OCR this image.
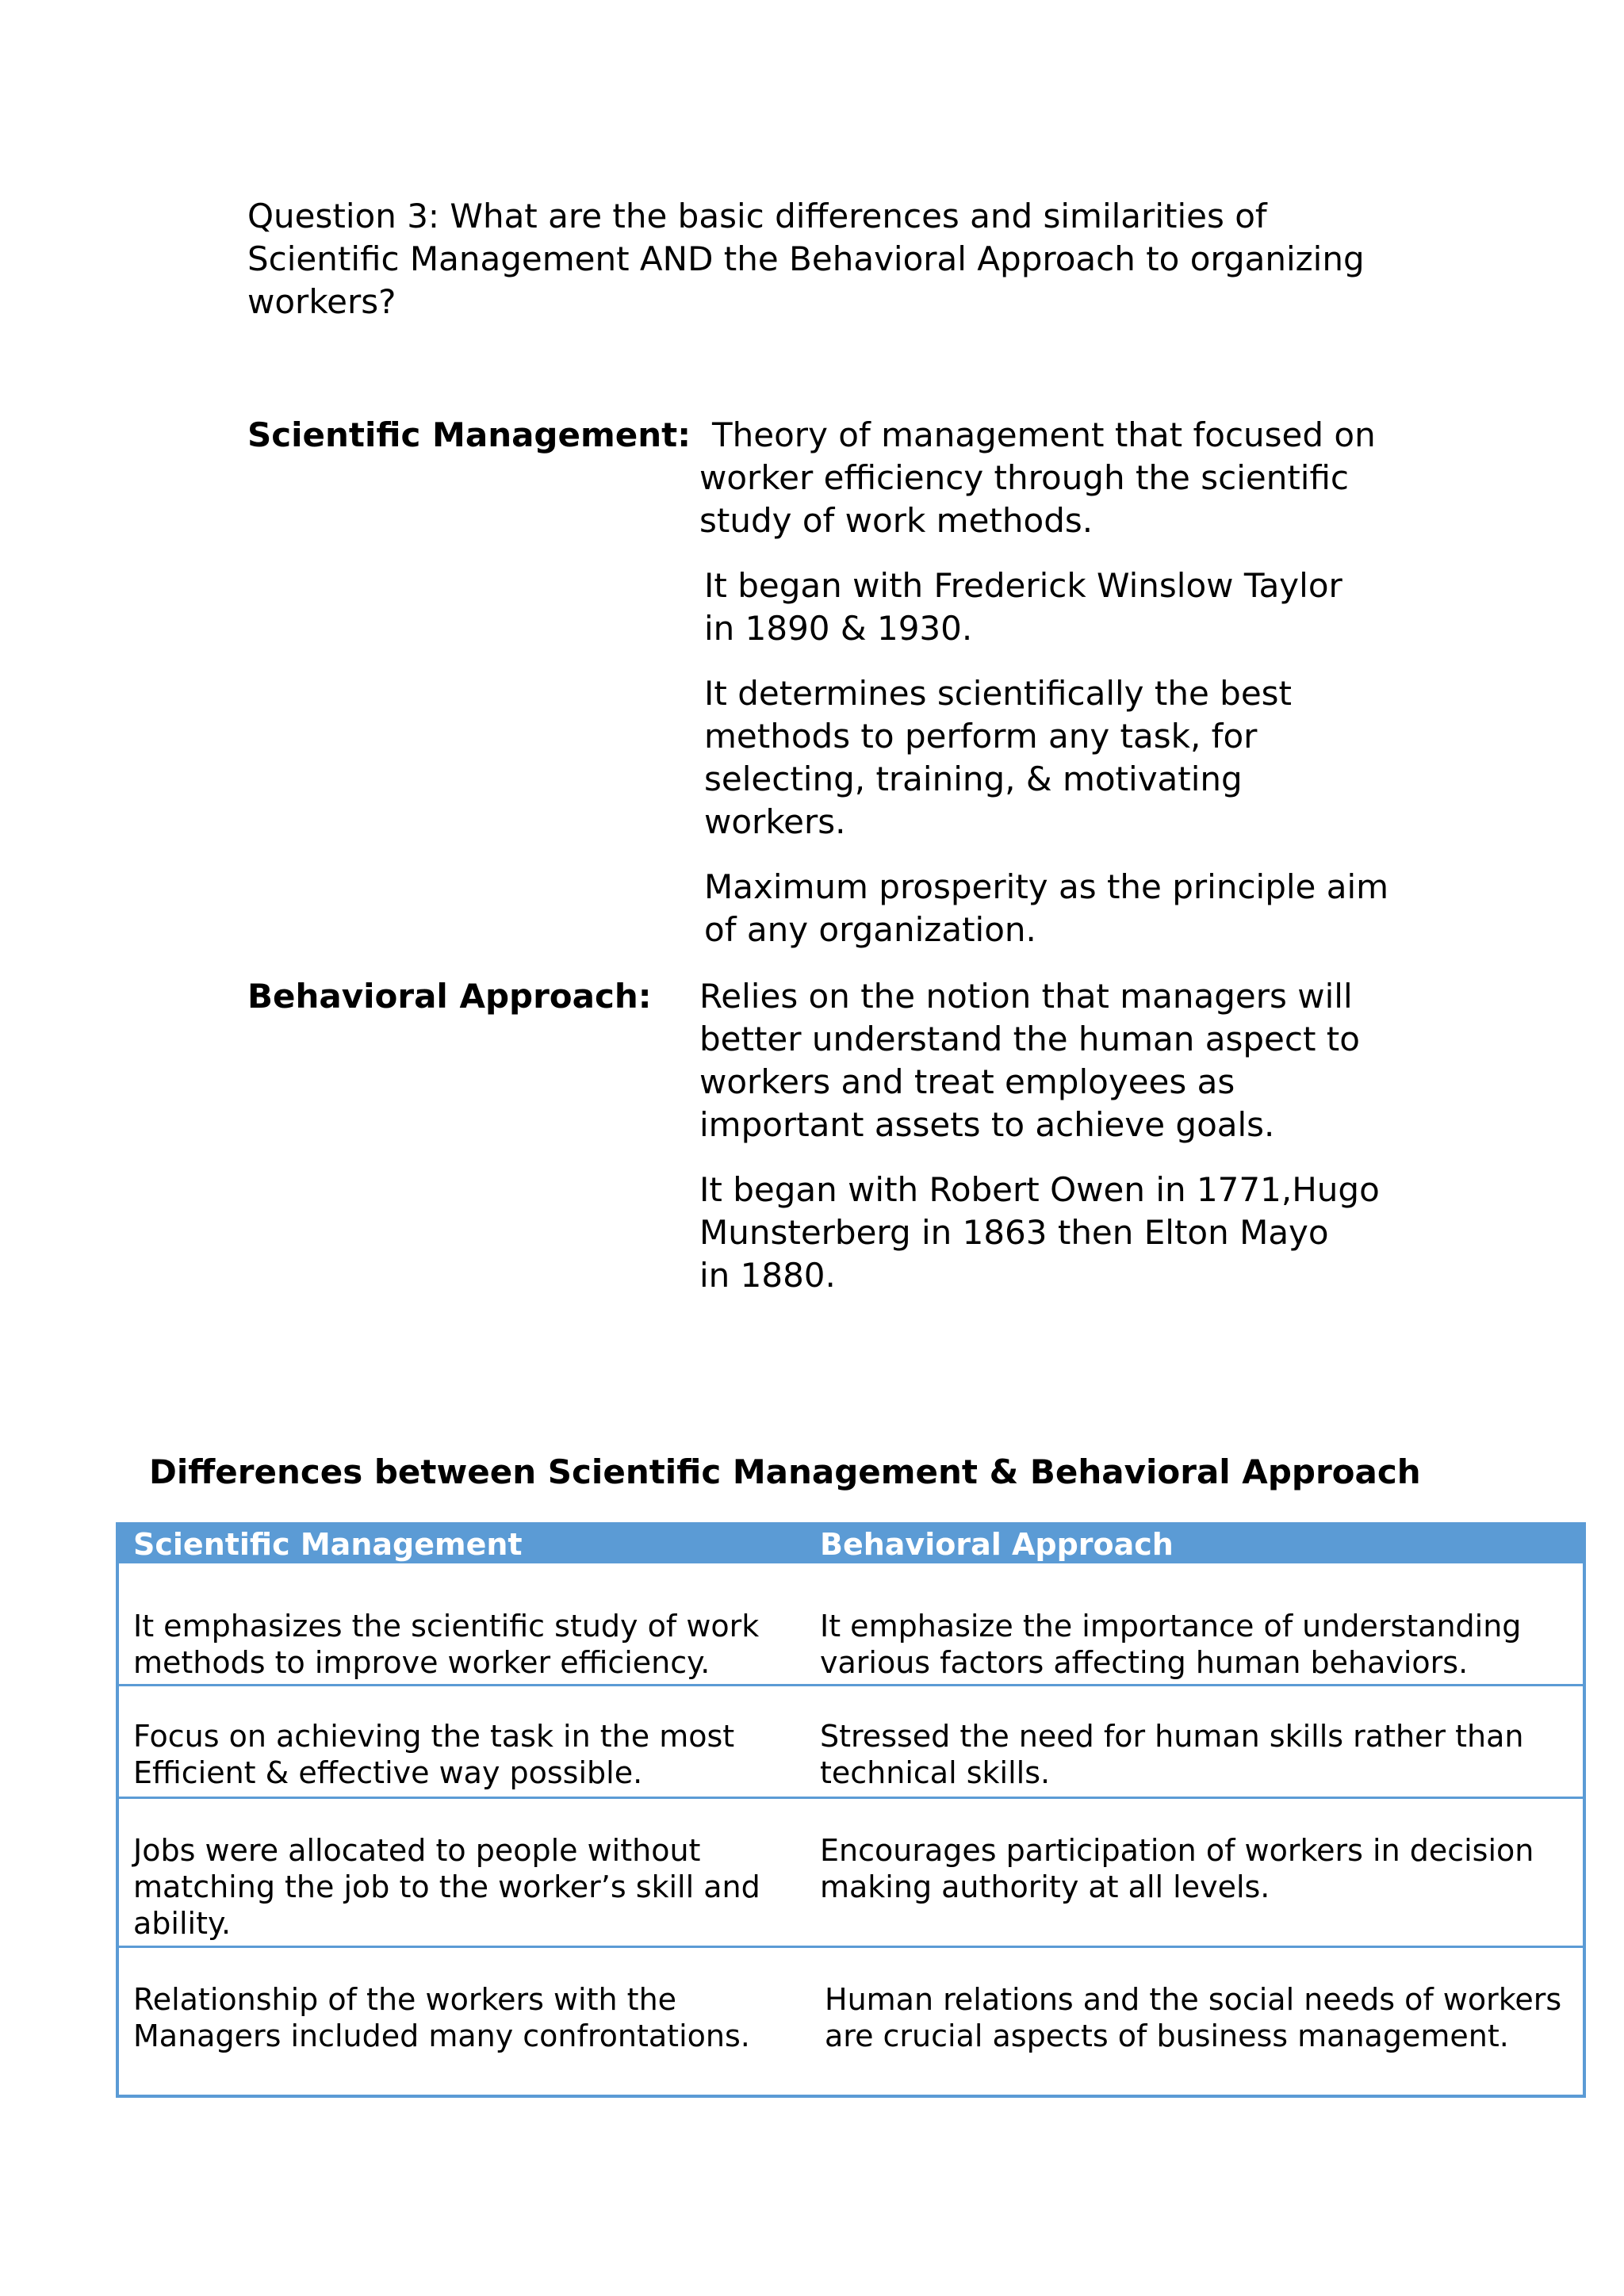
Question 3: What are the basic differences and similarities of
Scientific Management AND the Behavioral Approach to organizing
workers?

Scientific Management: Theory of management that focused on
worker efficiency through the scientific
study of work methods.

It began with Frederick Winslow Taylor
in 1890 & 1930.

It determines scientifically the best
methods to perform any task, for
selecting, training, & motivating
workers.

Maximum prosperity as the principle aim
of any organization.

Behavioral Approach: Relies on the notion that managers will
better understand the human aspect to
workers and treat employees as
important assets to achieve goals.

It began with Robert Owen in 1771,Hugo
Munsterberg in 1863 then Elton Mayo
in 1880.

Differences between Scientific Management & Behavioral Approach

Scientific Management	Behavioral Approach
It emphasizes the scientific study of work
methods to improve worker efficiency.
It emphasize the importance of understanding
various factors affecting human behaviors.
Focus on achieving the task in the most
Efficient & effective way possible.
Stressed the need for human skills rather than
technical skills.
Jobs were allocated to people without
matching the job to the worker’s skill and
ability.
Encourages participation of workers in decision
making authority at all levels.
Relationship of the workers with the
Managers included many confrontations.
Human relations and the social needs of workers
are crucial aspects of business management.
